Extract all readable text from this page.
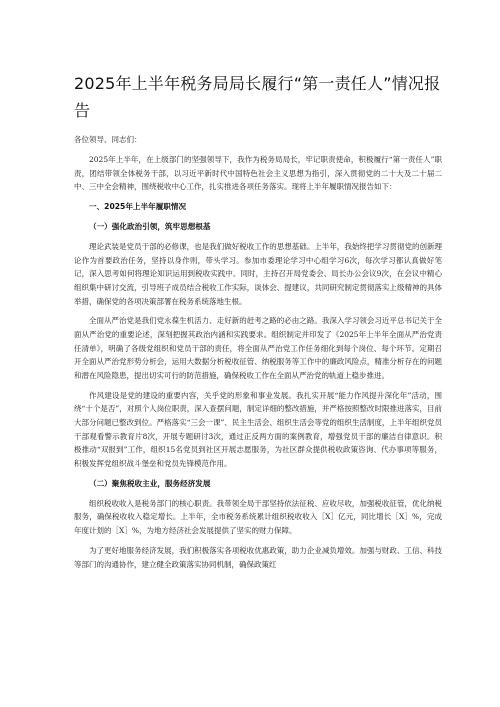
2025年上半年税务局局长履行“第一责任人”情况报告

各位领导、同志们：

2025年上半年，在上级部门的坚强领导下，我作为税务局局长，牢记职责使命，积极履行“第一责任人”职责，团结带领全体税务干部，以习近平新时代中国特色社会主义思想为指引，深入贯彻党的二十大及二十届二中、三中全会精神，围绕税收中心工作，扎实推进各项任务落实。现将上半年履职情况报告如下：

一、2025年上半年履职情况
（一）强化政治引领，筑牢思想根基

理论武装是党员干部的必修课，也是我们做好税收工作的思想基础。上半年，我始终把学习贯彻党的创新理论作为首要政治任务，坚持以身作则，带头学习。参加市委理论学习中心组学习6次，每次学习都认真做好笔记，深入思考如何将理论知识运用到税收实践中。同时，主持召开局党委会、局长办公会议9次，在会议中精心组织集中研讨交流，引导班子成员结合税收工作实际，谈体会、提建议，共同研究制定贯彻落实上级精神的具体举措，确保党的各项决策部署在税务系统落地生根。

全面从严治党是我们党永葆生机活力、走好新的赶考之路的必由之路。我深入学习领会习近平总书记关于全面从严治党的重要论述，深刻把握其政治内涵和实践要求。组织制定并印发了《2025年上半年全面从严治党责任清单》，明确了各级党组织和党员干部的责任，将全面从严治党工作任务细化到每个岗位、每个环节。定期召开全面从严治党形势分析会，运用大数据分析税收征管、纳税服务等工作中的廉政风险点，精准分析存在的问题和潜在风险隐患，提出切实可行的防范措施，确保税收工作在全面从严治党的轨道上稳步推进。

作风建设是党的建设的重要内容，关乎党的形象和事业发展。我扎实开展“能力作风提升深化年”活动，围绕“十个是否”，对照个人岗位职责，深入查摆问题，制定详细的整改措施，并严格按照整改时限推进落实，目前大部分问题已整改到位。严格落实“三会一课”、民主生活会、组织生活会等党的组织生活制度，上半年组织党员干部观看警示教育片8次，开展专题研讨3次，通过正反两方面的案例教育，增强党员干部的廉洁自律意识。积极推动“双报到”工作，组织15名党员到社区开展志愿服务，为社区群众提供税收政策咨询、代办事项等服务，积极发挥党组织战斗堡垒和党员先锋模范作用。

（二）聚焦税收主业，服务经济发展

组织税收收入是税务部门的核心职责。我带领全局干部坚持依法征税、应收尽收，加强税收征管，优化纳税服务，确保税收收入稳定增长。上半年，全市税务系统累计组织税收收入［X］亿元，同比增长［X］%，完成年度计划的［X］%，为地方经济社会发展提供了坚实的财力保障。

为了更好地服务经济发展，我们积极落实各项税收优惠政策，助力企业减负增效。加强与财政、工信、科技等部门的沟通协作，建立健全政策落实协同机制，确保政策红
